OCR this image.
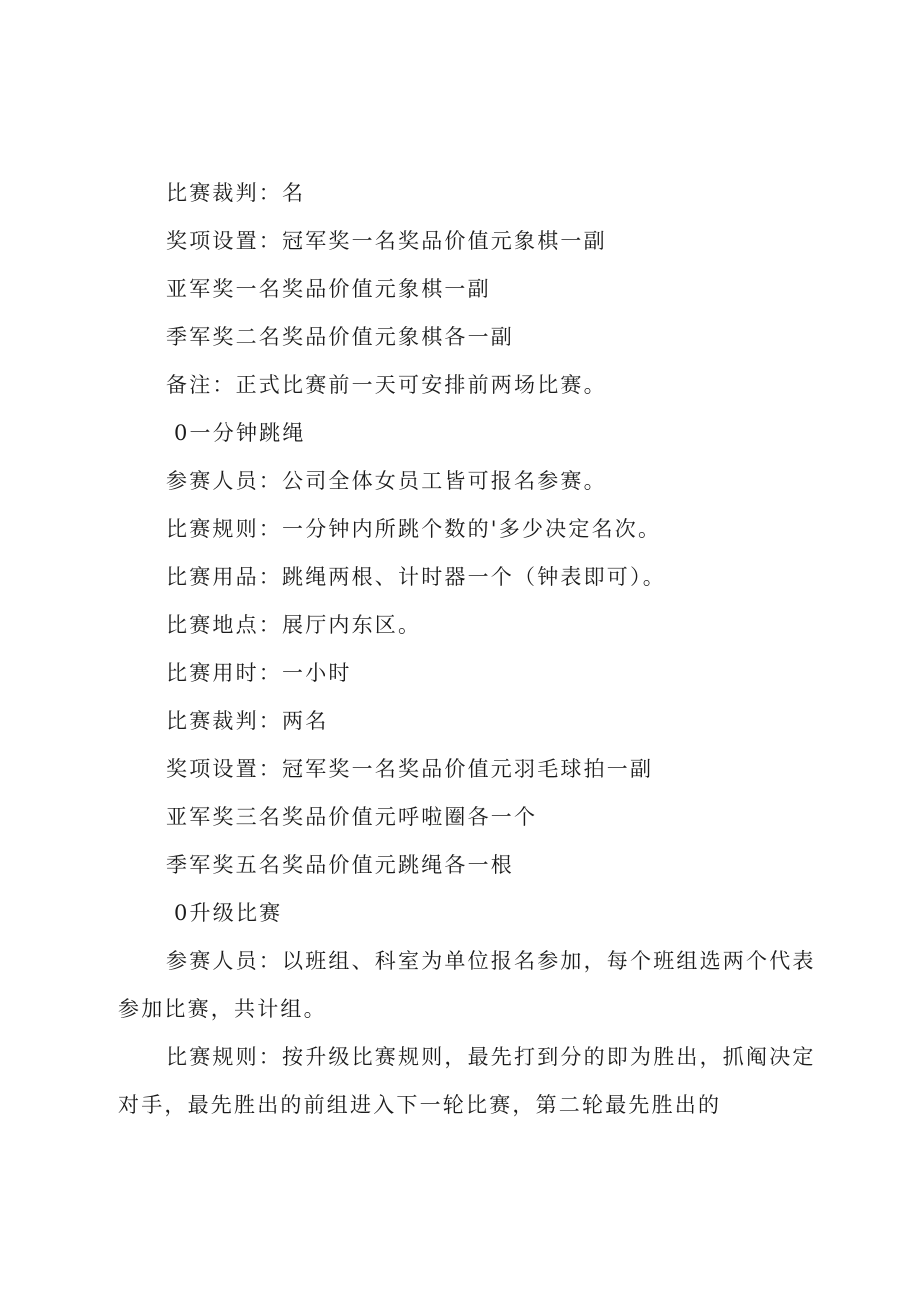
比赛裁判：名
奖项设置：冠军奖一名奖品价值元象棋一副
亚军奖一名奖品价值元象棋一副
季军奖二名奖品价值元象棋各一副
备注：正式比赛前一天可安排前两场比赛。
0一分钟跳绳
参赛人员：公司全体女员工皆可报名参赛。
比赛规则：一分钟内所跳个数的'多少决定名次。
比赛用品：跳绳两根、计时器一个（钟表即可）。
比赛地点：展厅内东区。
比赛用时：一小时
比赛裁判：两名
奖项设置：冠军奖一名奖品价值元羽毛球拍一副
亚军奖三名奖品价值元呼啦圈各一个
季军奖五名奖品价值元跳绳各一根
0升级比赛
参赛人员：以班组、科室为单位报名参加，每个班组选两个代表
参加比赛，共计组。
比赛规则：按升级比赛规则，最先打到分的即为胜出，抓阄决定
对手，最先胜出的前组进入下一轮比赛，第二轮最先胜出的
